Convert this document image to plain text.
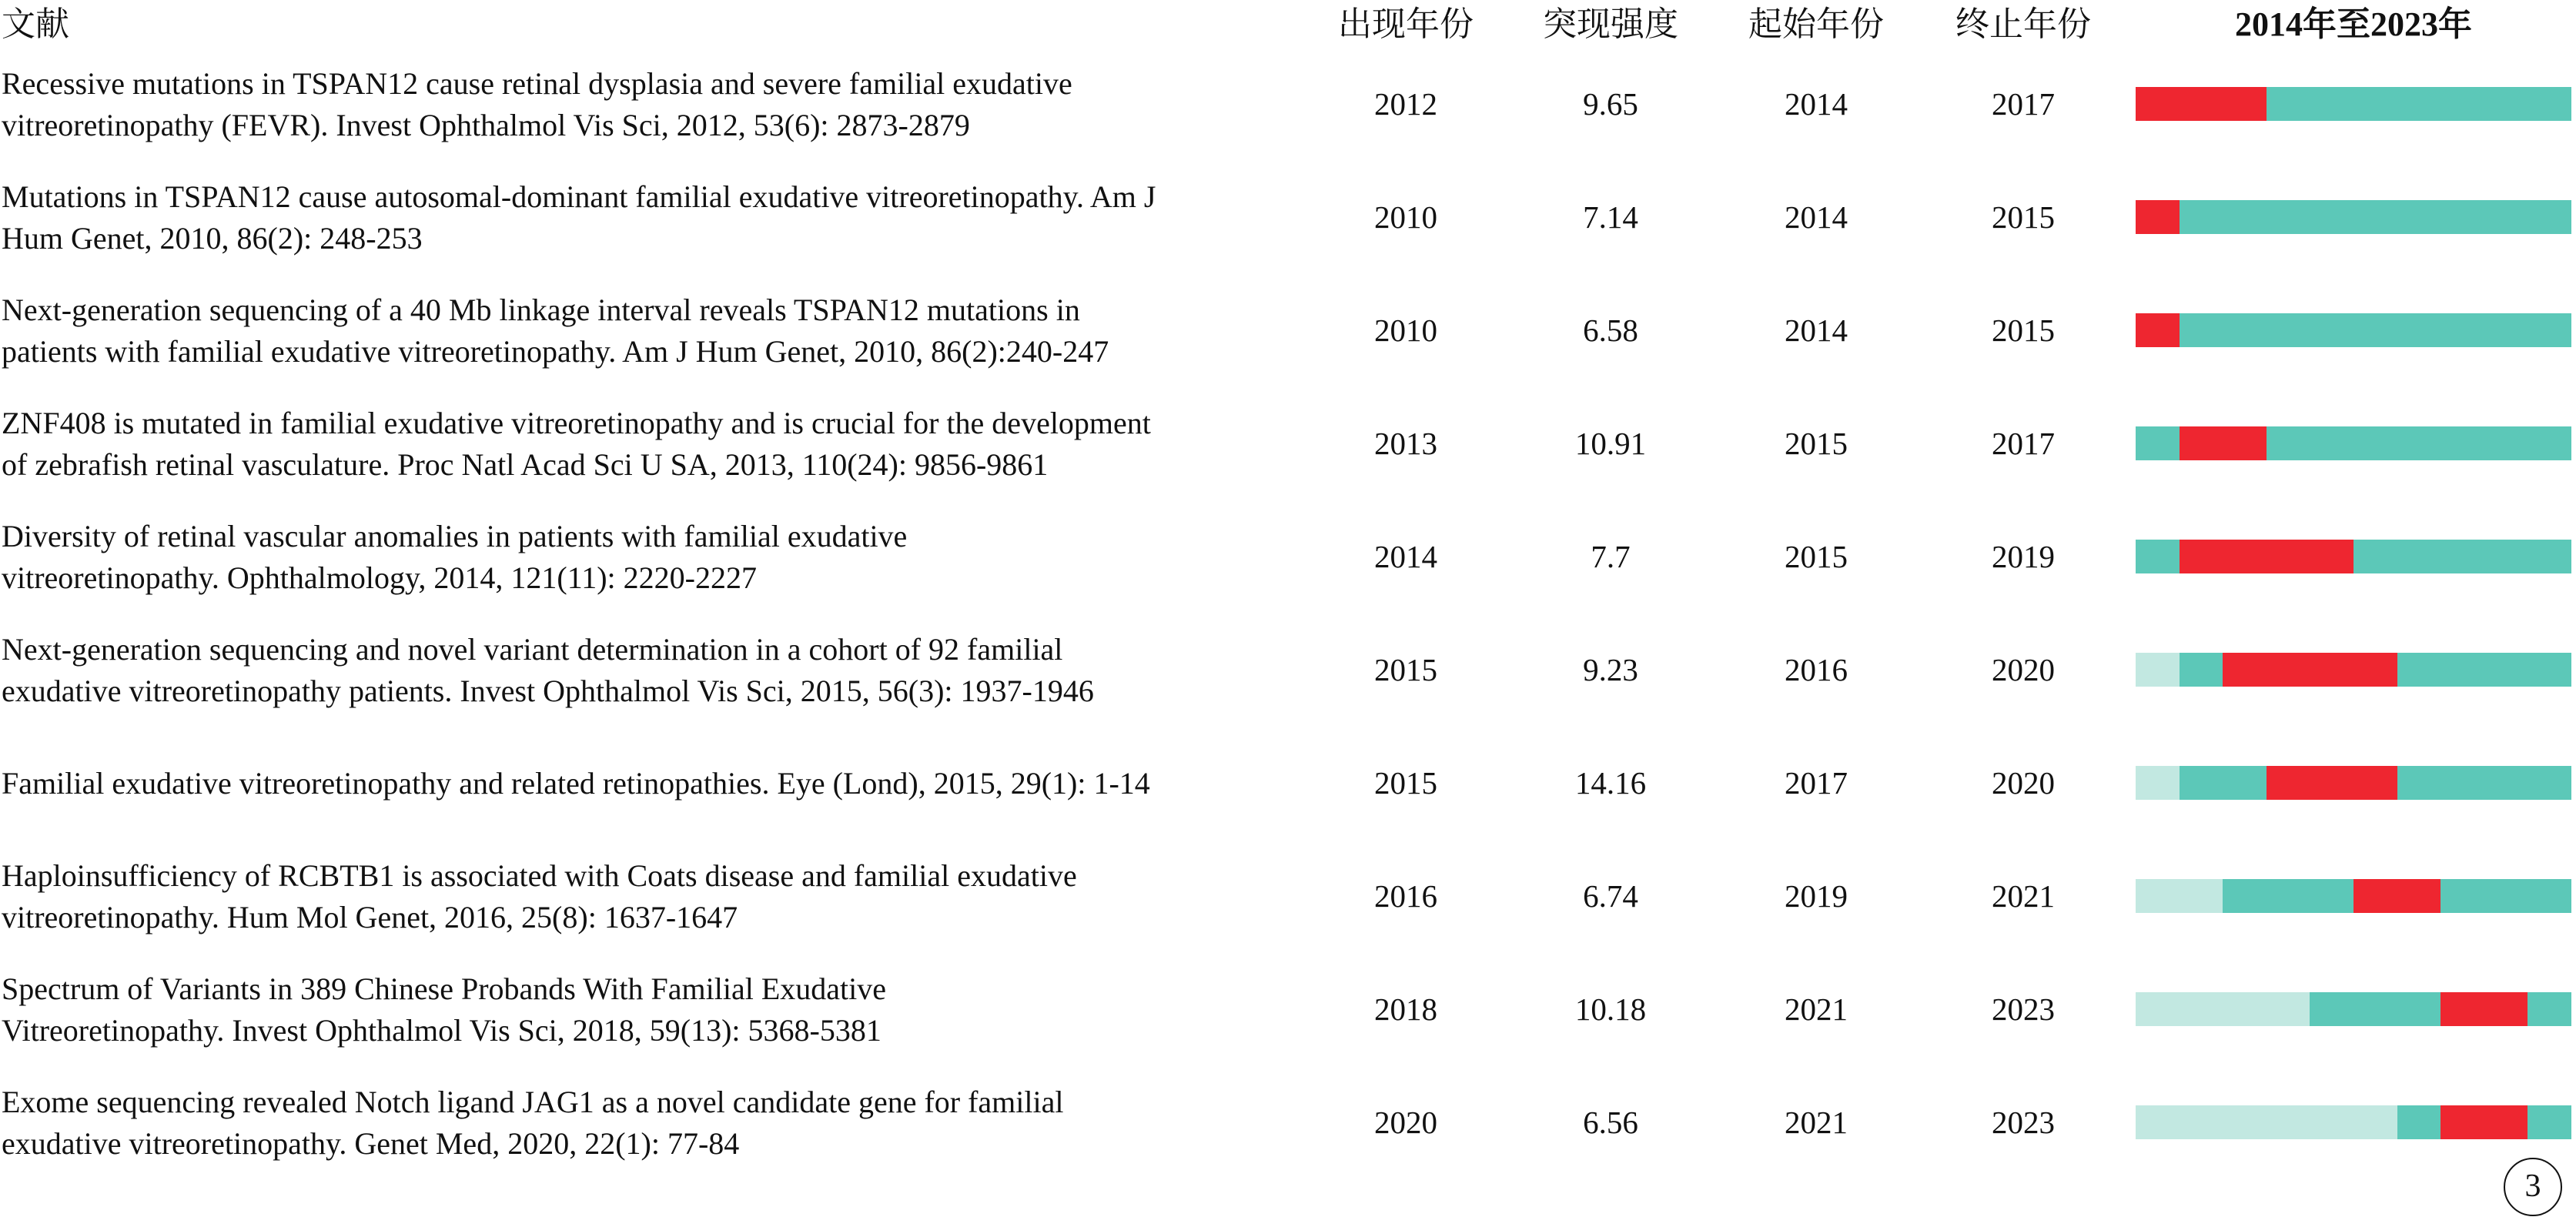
文献	出现年份	突现强度	起始年份	终止年份	2014年至2023年
Recessive mutations in TSPAN12 cause retinal dysplasia and severe familial exudative
vitreoretinopathy (FEVR). Invest Ophthalmol Vis Sci, 2012, 53(6): 2873-2879
2012	9.65	2014	2017
Mutations in TSPAN12 cause autosomal-dominant familial exudative vitreoretinopathy. Am J
Hum Genet, 2010, 86(2): 248-253
2010	7.14	2014	2015
Next-generation sequencing of a 40 Mb linkage interval reveals TSPAN12 mutations in
patients with familial exudative vitreoretinopathy. Am J Hum Genet, 2010, 86(2):240-247
2010	6.58	2014	2015
ZNF408 is mutated in familial exudative vitreoretinopathy and is crucial for the development
of zebrafish retinal vasculature. Proc Natl Acad Sci U SA, 2013, 110(24): 9856-9861
2013	10.91	2015	2017
Diversity of retinal vascular anomalies in patients with familial exudative
vitreoretinopathy. Ophthalmology, 2014, 121(11): 2220-2227
2014	7.7	2015	2019
Next-generation sequencing and novel variant determination in a cohort of 92 familial
exudative vitreoretinopathy patients. Invest Ophthalmol Vis Sci, 2015, 56(3): 1937-1946
2015	9.23	2016	2020
Familial exudative vitreoretinopathy and related retinopathies. Eye (Lond), 2015, 29(1): 1-14	2015	14.16	2017	2020
Haploinsufficiency of RCBTB1 is associated with Coats disease and familial exudative
vitreoretinopathy. Hum Mol Genet, 2016, 25(8): 1637-1647
2016	6.74	2019	2021
Spectrum of Variants in 389 Chinese Probands With Familial Exudative
Vitreoretinopathy. Invest Ophthalmol Vis Sci, 2018, 59(13): 5368-5381
2018	10.18	2021	2023
Exome sequencing revealed Notch ligand JAG1 as a novel candidate gene for familial
exudative vitreoretinopathy. Genet Med, 2020, 22(1): 77-84
2020	6.56	2021	2023
3
